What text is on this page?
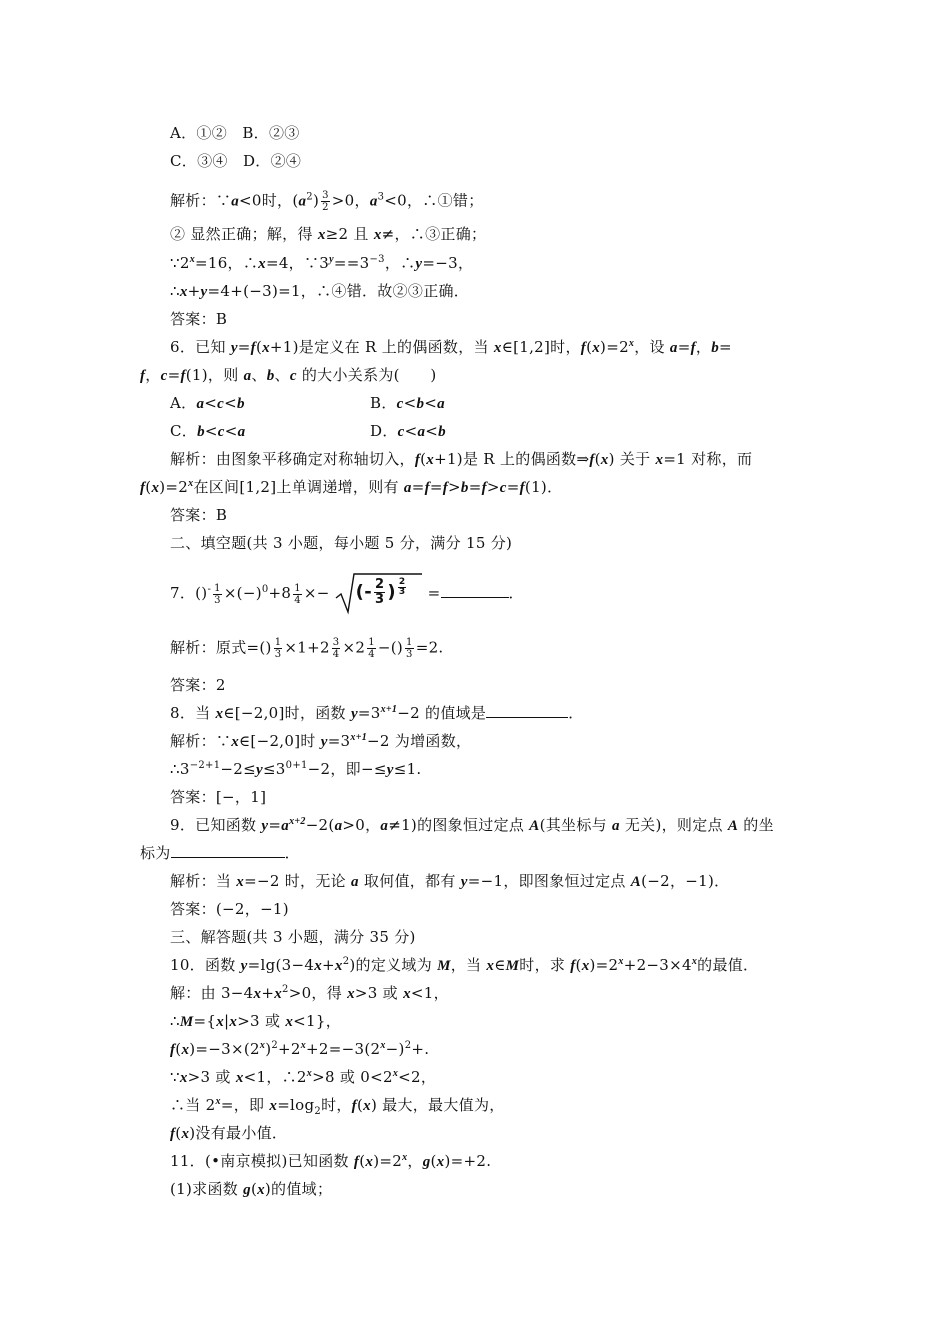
A．①②　B．②③
C．③④　D．②④
解析：∵a<0时，$(a^2) \frac{3}{2} >0$，$a^3<0$，∴①错；
② 显然正确；解，得 x≥2 且 x≠，∴③正确；
$\because 2^x=16$，∴x=4，$\because 3^y==3^{-3}$，∴y=−3，
∴x+y=4+(−3)=1，∴④错．故②③正确．
答案：B
6．已知 y=f(x+1)是定义在 R 上的偶函数，当 x∈[1,2]时，$f(x)=2^x$，设 a=f，b=
f，c=f(1)，则 a、b、c 的大小关系为(　　)
A．a<c<b	B．c<b<a
C．b<c<a	D．c<a<b
解析：由图象平移确定对称轴切入，f(x+1)是 R 上的偶函数⇒f(x) 关于 x=1 对称，而
$f(x)=2^x$在区间[1,2]上单调递增，则有 a=f=f>b=f>c=f(1)．
答案：B
二、填空题(共 3 小题，每小题 5 分，满分 15 分)
7．$()^- \frac{1}{3} \times(-)^0+8 \frac{1}{4}$ ×− (- $\frac{2}{3}$ ) $^{\frac{2}{3}}$ =	．
解析：原式=() $\frac{1}{3} \times 1+2 \frac{3}{4} \times 2 \frac{1}{4}$ −() $\frac{1}{3} =2$.
答案：2
8．当 x∈[−2,0]时，函数 $y=3^{x+1}-2$ 的值域是	．
解析：∵x∈[−2,0]时 $y=3^{x+1}-2$ 为增函数，
$\therefore 3^{-2+1}-2\le y\le 3^{0+1}-2$，即−≤y≤1.
答案：[−，1]
9．已知函数 $y=a^{x+2}-2(a>0$，a≠1)的图象恒过定点 A(其坐标与 a 无关)，则定点 A 的坐
标为	．
解析：当 x=−2 时，无论 a 取何值，都有 y=−1，即图象恒过定点 A(−2，−1)．
答案：(−2，−1)
三、解答题(共 3 小题，满分 35 分)
10．函数 $y=\lg(3-4x+x^2)$的定义域为 M，当 x∈M时，求 $f(x)=2^x+2-3\times 4^x$的最值．
解：由 $3-4x+x^2>0$，得 x>3 或 x<1，
∴M={x|x>3 或 x<1}，
$f(x)=-3\times(2^x)^2+2^x+2=-3(2^x-)^2+$.
∵x>3 或 x<1，$\therefore 2^x>8$ 或 $0<2^x<2$，
∴当 $2^x=$，即 $x=\log_2$时，f(x) 最大，最大值为，
f(x)没有最小值．
11．(•南京模拟)已知函数 $f(x)=2^x$，g(x)=+2.
(1)求函数 g(x)的值域；
